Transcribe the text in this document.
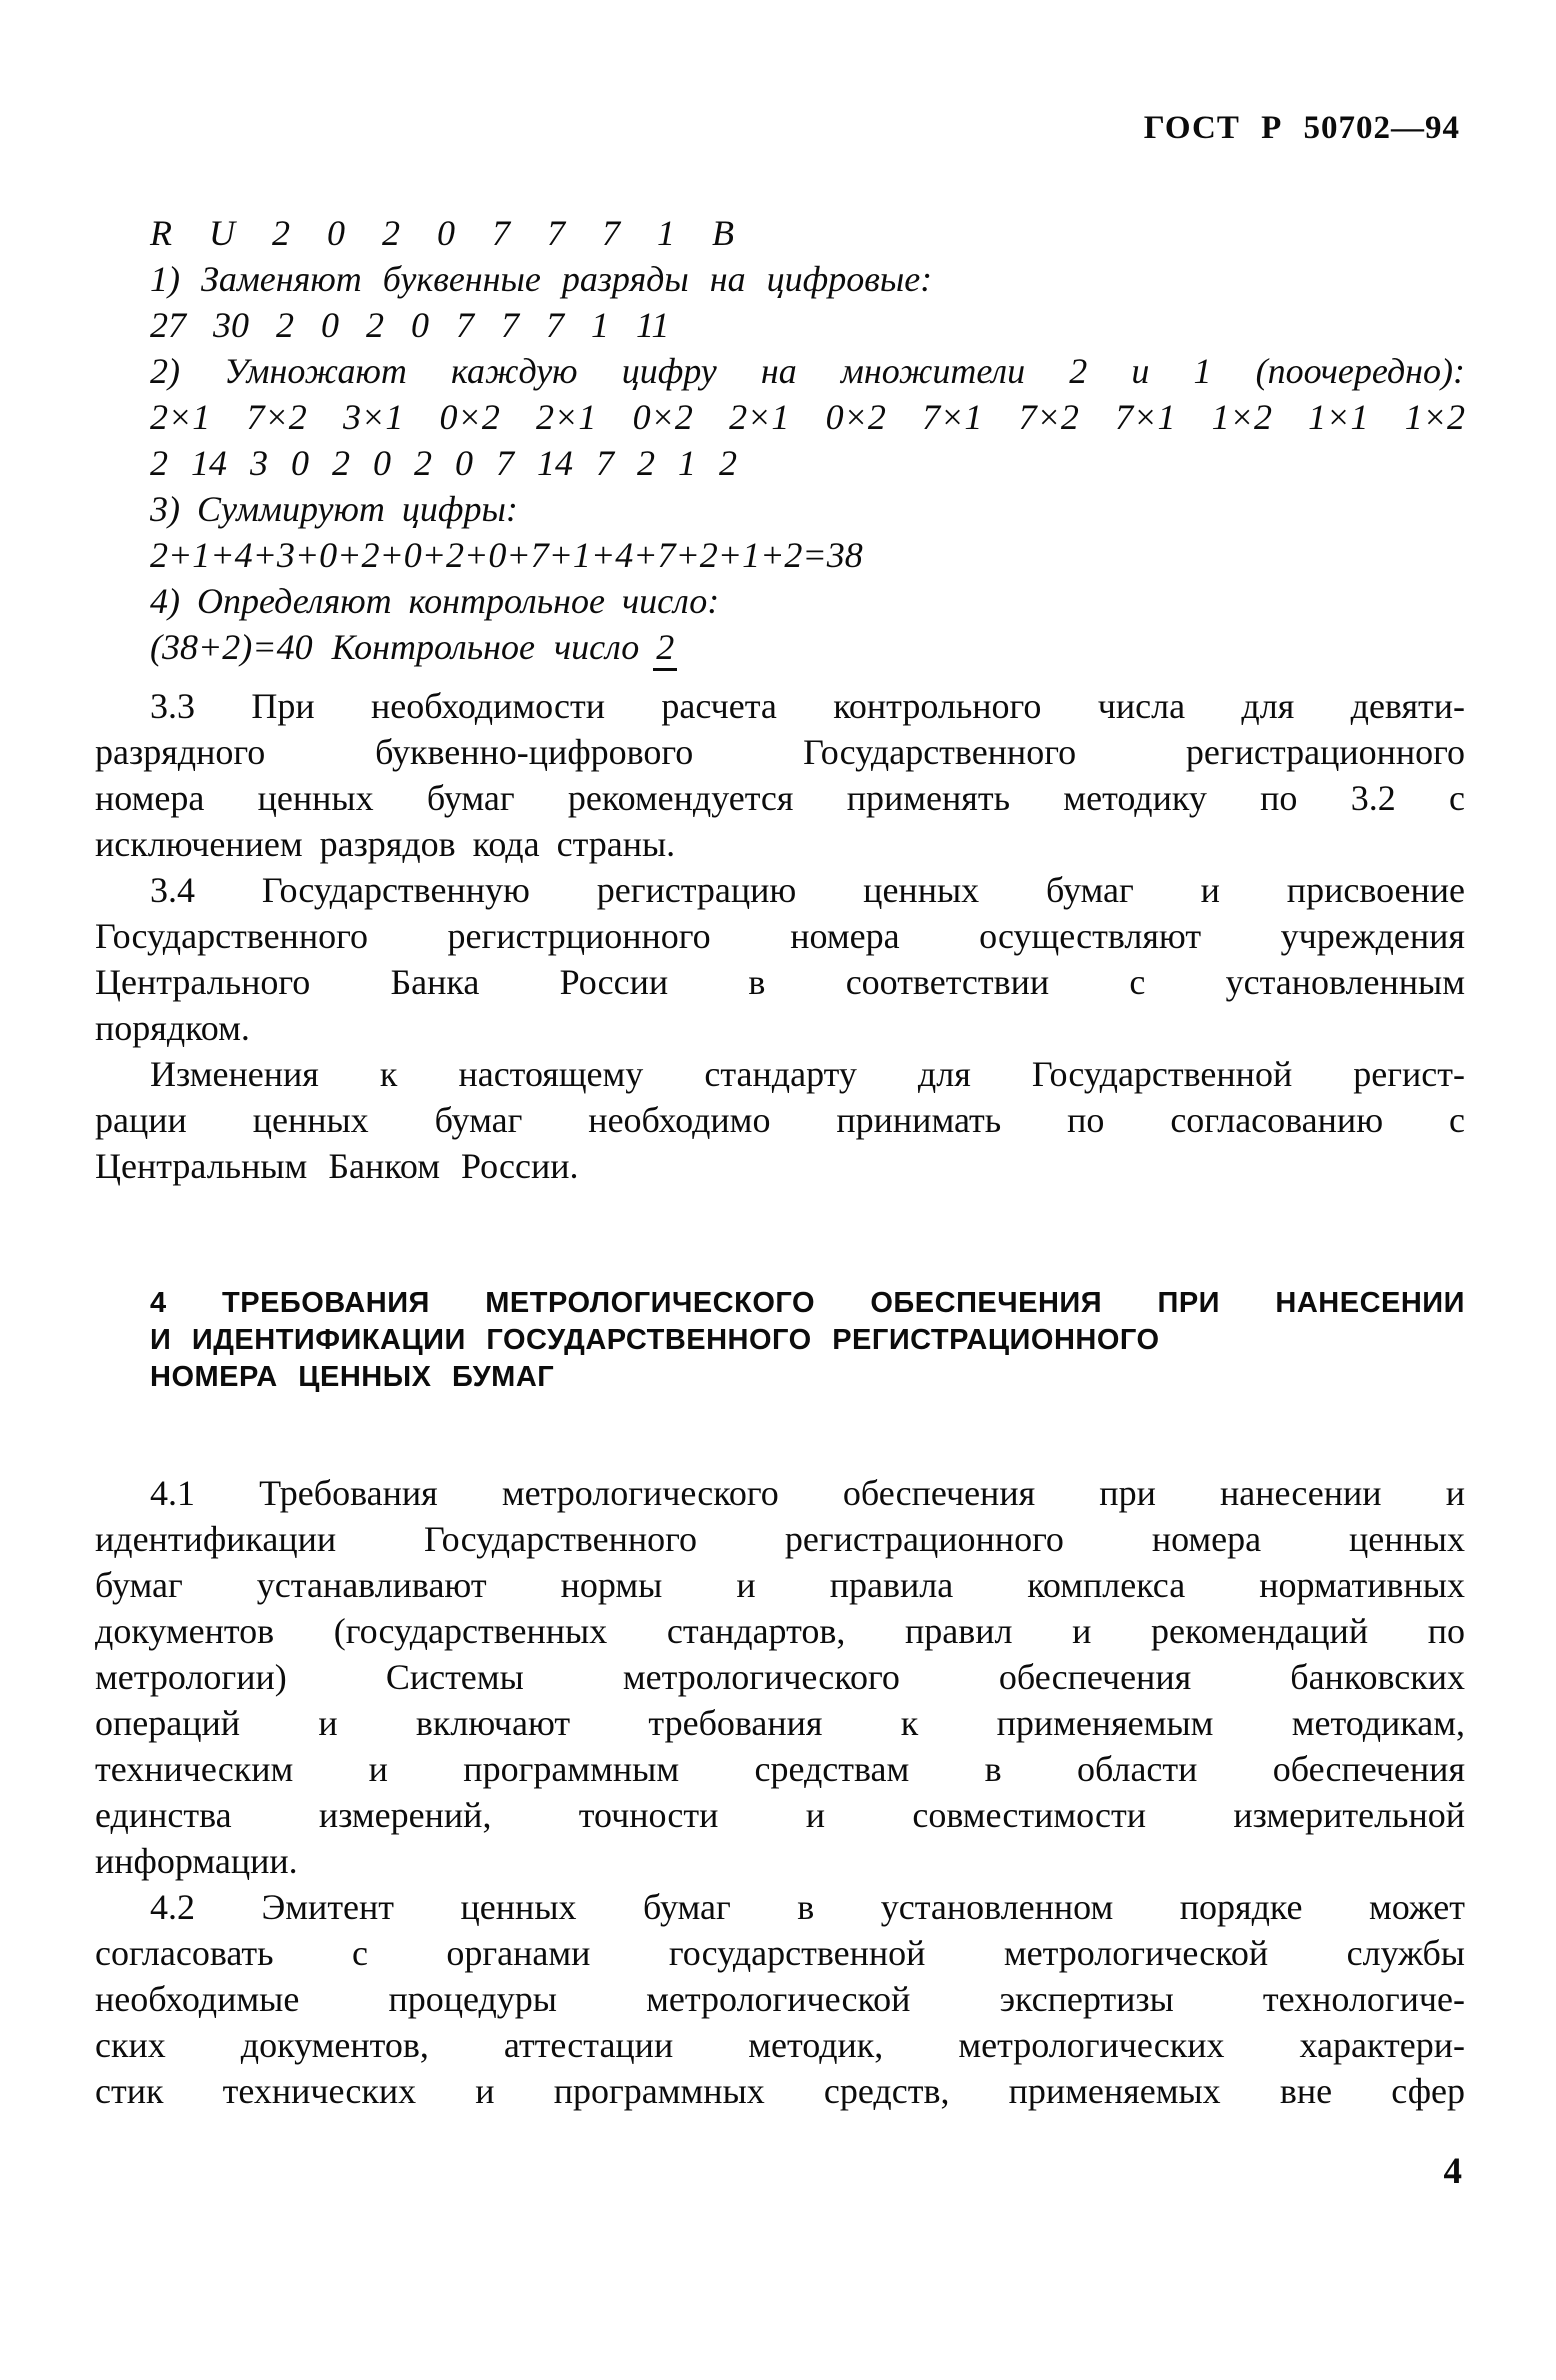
ГОСТ Р 50702—94
R U 2 0 2 0 7 7 7 1 B
1) Заменяют буквенные разряды на цифровые:
27 30 2 0 2 0 7 7 7 1 11
2) Умножают каждую цифру на множители 2 и 1 (поочередно):
2×1 7×2 3×1 0×2 2×1 0×2 2×1 0×2 7×1 7×2 7×1 1×2 1×1 1×2
2 14 3 0 2 0 2 0 7 14 7 2 1 2
3) Суммируют цифры:
2+1+4+3+0+2+0+2+0+7+1+4+7+2+1+2=38
4) Определяют контрольное число:
(38+2)=40 Контрольное число 2
3.3 При необходимости расчета контрольного числа для девяти-
разрядного буквенно-цифрового Государственного регистрационного
номера ценных бумаг рекомендуется применять методику по 3.2 с
исключением разрядов кода страны.
3.4 Государственную регистрацию ценных бумаг и присвоение
Государственного регистрционного номера осуществляют учреждения
Центрального Банка России в соответствии с установленным
порядком.
Изменения к настоящему стандарту для Государственной регист-
рации ценных бумаг необходимо принимать по согласованию с
Центральным Банком России.
4 ТРЕБОВАНИЯ МЕТРОЛОГИЧЕСКОГО ОБЕСПЕЧЕНИЯ ПРИ НАНЕСЕНИИ
И ИДЕНТИФИКАЦИИ ГОСУДАРСТВЕННОГО РЕГИСТРАЦИОННОГО
НОМЕРА ЦЕННЫХ БУМАГ
4.1 Требования метрологического обеспечения при нанесении и
идентификации Государственного регистрационного номера ценных
бумаг устанавливают нормы и правила комплекса нормативных
документов (государственных стандартов, правил и рекомендаций по
метрологии) Системы метрологического обеспечения банковских
операций и включают требования к применяемым методикам,
техническим и программным средствам в области обеспечения
единства измерений, точности и совместимости измерительной
информации.
4.2 Эмитент ценных бумаг в установленном порядке может
согласовать с органами государственной метрологической службы
необходимые процедуры метрологической экспертизы технологиче-
ских документов, аттестации методик, метрологических характери-
стик технических и программных средств, применяемых вне сфер
4
